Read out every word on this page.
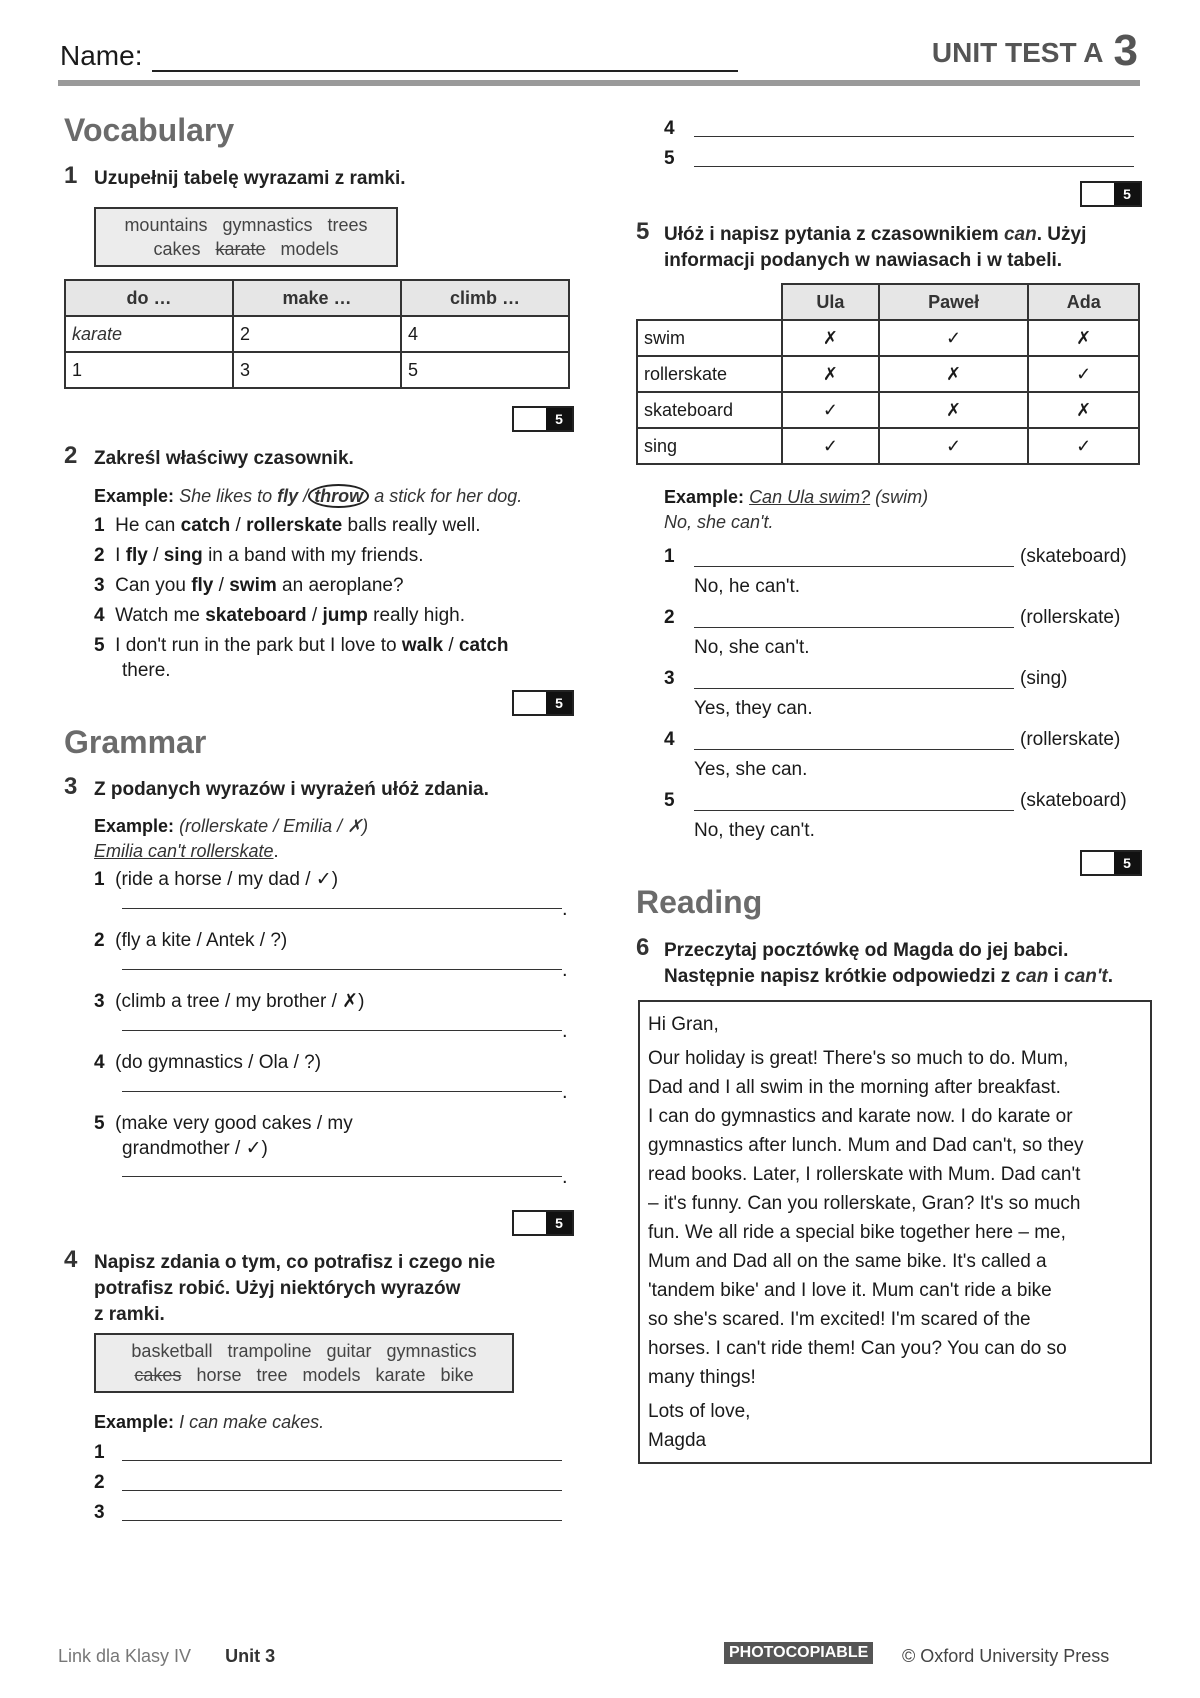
Name:	UNIT TEST A 3
Vocabulary
1 Uzupełnij tabelę wyrazami z ramki.
mountains   gymnastics   trees
cakes karate models
do …	make …	climb …
karate	2	4
1	3	5
5
2 Zakreśl właściwy czasownik.
Example: She likes to fly / throw a stick for her dog.
1 He can catch / rollerskate balls really well.
2 I fly / sing in a band with my friends.
3 Can you fly / swim an aeroplane?
4 Watch me skateboard / jump really high.
5 I don't run in the park but I love to walk / catch
there.
5
Grammar
3 Z podanych wyrazów i wyrażeń ułóż zdania.
Example: (rollerskate / Emilia / ✗)
Emilia can't rollerskate.
1 (ride a horse / my dad / ✓)
.
2 (fly a kite / Antek / ?)
.
3 (climb a tree / my brother / ✗)
.
4 (do gymnastics / Ola / ?)
.
5 (make very good cakes / my
grandmother / ✓)
.
5
4 Napisz zdania o tym, co potrafisz i czego nie
potrafisz robić. Użyj niektórych wyrazów
z ramki.
basketball   trampoline   guitar   gymnastics
cakes horse   tree   models   karate   bike
Example: I can make cakes.
1
2
3
4
5
5
5 Ułóż i napisz pytania z czasownikiem can. Użyj
informacji podanych w nawiasach i w tabeli.
	Ula	Paweł	Ada
swim	✗	✓	✗
rollerskate	✗	✗	✓
skateboard	✓	✗	✗
sing	✓	✓	✓
Example: Can Ula swim? (swim)
No, she can't.
1	(skateboard)
No, he can't.
2	(rollerskate)
No, she can't.
3	(sing)
Yes, they can.
4	(rollerskate)
Yes, she can.
5	(skateboard)
No, they can't.
5
Reading
6 Przeczytaj pocztówkę od Magda do jej babci.
Następnie napisz krótkie odpowiedzi z can i can't.
Hi Gran,
Our holiday is great! There's so much to do. Mum,
Dad and I all swim in the morning after breakfast.
I can do gymnastics and karate now. I do karate or
gymnastics after lunch. Mum and Dad can't, so they
read books. Later, I rollerskate with Mum. Dad can't
– it's funny. Can you rollerskate, Gran? It's so much
fun. We all ride a special bike together here – me,
Mum and Dad all on the same bike. It's called a
'tandem bike' and I love it. Mum can't ride a bike
so she's scared. I'm excited! I'm scared of the
horses. I can't ride them! Can you? You can do so
many things!
Lots of love,
Magda
Link dla Klasy IV Unit 3	PHOTOCOPIABLE © Oxford University Press
